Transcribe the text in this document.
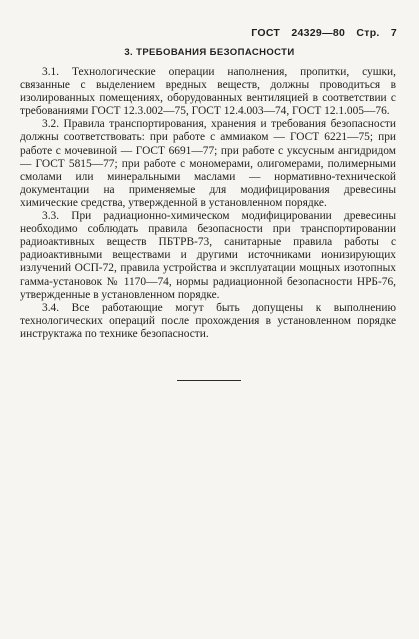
ГОСТ 24329—80 Стр. 7
3. ТРЕБОВАНИЯ БЕЗОПАСНОСТИ

3.1. Технологические операции наполнения, пропитки, сушки, связанные с выделением вредных веществ, должны проводиться в изолированных помещениях, оборудованных вентиляцией в соответствии с требованиями ГОСТ 12.3.002—75, ГОСТ 12.4.003—74, ГОСТ 12.1.005—76.

3.2. Правила транспортирования, хранения и требования безопасности должны соответствовать: при работе с аммиаком — ГОСТ 6221—75; при работе с мочевиной — ГОСТ 6691—77; при работе с уксусным ангидридом — ГОСТ 5815—77; при работе с мономерами, олигомерами, полимерными смолами или минеральными маслами — нормативно-технической документации на применяемые для модифицирования древесины химические средства, утвержденной в установленном порядке.

3.3. При радиационно-химическом модифицировании древесины необходимо соблюдать правила безопасности при транспортировании радиоактивных веществ ПБТРВ-73, санитарные правила работы с радиоактивными веществами и другими источниками ионизирующих излучений ОСП-72, правила устройства и эксплуатации мощных изотопных гамма-установок № 1170—74, нормы радиационной безопасности НРБ-76, утвержденные в установленном порядке.

3.4. Все работающие могут быть допущены к выполнению технологических операций после прохождения в установленном порядке инструктажа по технике безопасности.
